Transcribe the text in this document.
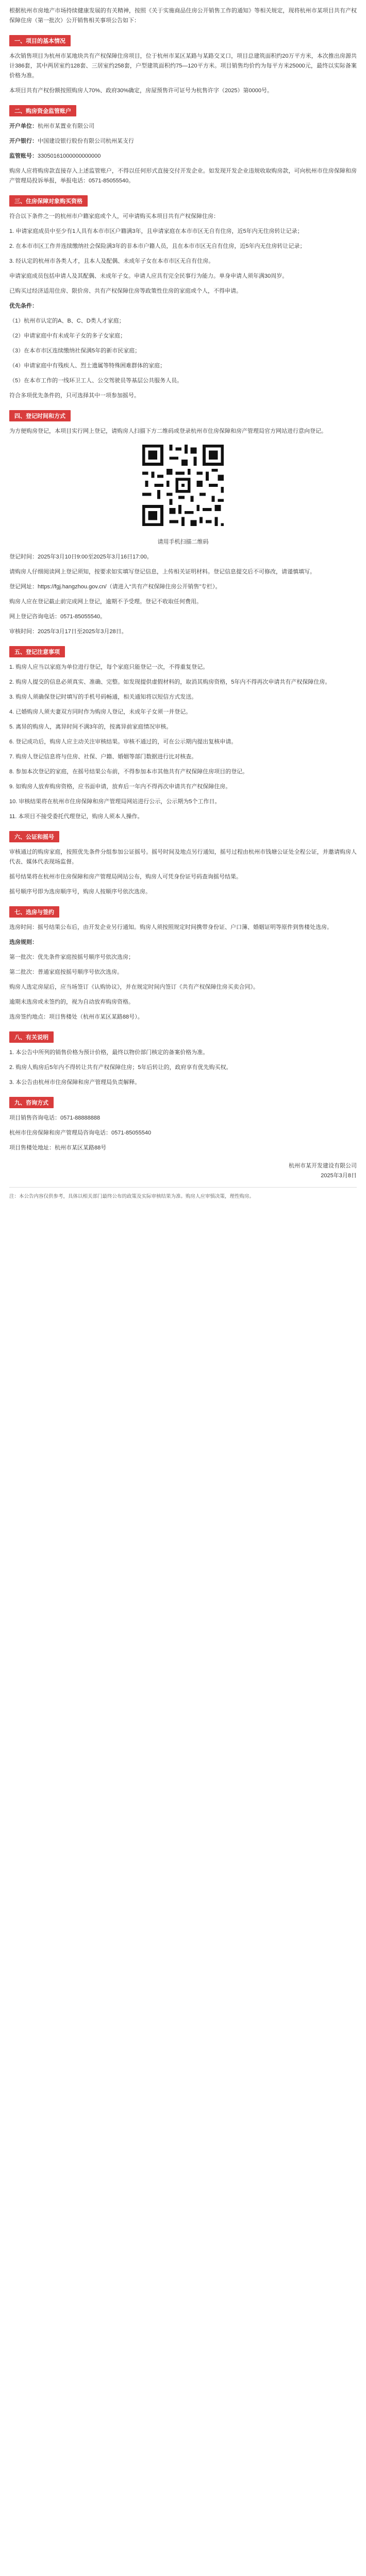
根据杭州市房地产市场持续健康发展的有关精神，按照《关于实施商品住房公开销售工作的通知》等相关规定，现将杭州市某项目共有产权保障住房（第一批次）公开销售相关事项公告如下：

一、项目的基本情况

本次销售项目为杭州市某地块共有产权保障住房项目，位于杭州市某区某路与某路交叉口，项目总建筑面积约20万平方米，本次推出房源共计386套，其中两居室约128套、三居室约258套，户型建筑面积约75—120平方米。项目销售均价约为每平方米25000元，最终以实际备案价格为准。

本项目共有产权份额按照购房人70%、政府30%确定，房屋预售许可证号为杭售许字（2025）第0000号。

二、购房资金监管账户

开户单位：杭州市某置业有限公司

开户银行：中国建设银行股份有限公司杭州某支行

监管账号：33050161000000000000

购房人应将购房款直接存入上述监管账户，不得以任何形式直接交付开发企业。如发现开发企业违规收取购房款，可向杭州市住房保障和房产管理局投诉举报，举报电话：0571-85055540。

三、住房保障对象购买资格

符合以下条件之一的杭州市户籍家庭或个人，可申请购买本项目共有产权保障住房：

1. 申请家庭成员中至少有1人具有本市市区户籍满3年，且申请家庭在本市市区无自有住房，近5年内无住房转让记录；

2. 在本市市区工作并连续缴纳社会保险满3年的非本市户籍人员，且在本市市区无自有住房，近5年内无住房转让记录；

3. 经认定的杭州市各类人才，且本人及配偶、未成年子女在本市市区无自有住房。

申请家庭成员包括申请人及其配偶、未成年子女。申请人应具有完全民事行为能力。单身申请人须年满30周岁。

已购买过经济适用住房、限价房、共有产权保障住房等政策性住房的家庭或个人，不得申请。

优先条件：

（1）杭州市认定的A、B、C、D类人才家庭；

（2）申请家庭中有未成年子女的多子女家庭；

（3）在本市市区连续缴纳社保满5年的新市民家庭；

（4）申请家庭中有残疾人、烈士遗属等特殊困难群体的家庭；

（5）在本市工作的一线环卫工人、公交驾驶员等基层公共服务人员。

符合多项优先条件的，只可选择其中一项参加摇号。

四、登记时间和方式

为方便购房登记，本项目实行网上登记，请购房人扫描下方二维码或登录杭州市住房保障和房产管理局官方网站进行意向登记。

请用手机扫描二维码

登记时间：2025年3月10日9:00至2025年3月16日17:00。

请购房人仔细阅读网上登记须知，按要求如实填写登记信息，上传相关证明材料。登记信息提交后不可修改，请谨慎填写。

登记网址：https://fgj.hangzhou.gov.cn/（请进入“共有产权保障住房公开销售”专栏）。

购房人应在登记截止前完成网上登记，逾期不予受理。登记不收取任何费用。

网上登记咨询电话：0571-85055540。

审核时间：2025年3月17日至2025年3月28日。

五、登记注意事项

1. 购房人应当以家庭为单位进行登记，每个家庭只能登记一次，不得重复登记。

2. 购房人提交的信息必须真实、准确、完整。如发现提供虚假材料的，取消其购房资格，5年内不得再次申请共有产权保障住房。

3. 购房人须确保登记时填写的手机号码畅通，相关通知将以短信方式发送。

4. 已婚购房人须夫妻双方同时作为购房人登记，未成年子女须一并登记。

5. 离异的购房人，离异时间不满3年的，按离异前家庭情况审核。

6. 登记成功后，购房人应主动关注审核结果。审核不通过的，可在公示期内提出复核申请。

7. 购房人登记信息将与住房、社保、户籍、婚姻等部门数据进行比对核查。

8. 参加本次登记的家庭，在摇号结果公布前，不得参加本市其他共有产权保障住房项目的登记。

9. 如购房人放弃购房资格，应书面申请，放弃后一年内不得再次申请共有产权保障住房。

10. 审核结果将在杭州市住房保障和房产管理局网站进行公示，公示期为5个工作日。

11. 本项目不接受委托代理登记，购房人须本人操作。

六、公证和摇号

审核通过的购房家庭，按照优先条件分组参加公证摇号。摇号时间及地点另行通知，摇号过程由杭州市钱塘公证处全程公证，并邀请购房人代表、媒体代表现场监督。

摇号结果将在杭州市住房保障和房产管理局网站公布，购房人可凭身份证号码查询摇号结果。

摇号顺序号即为选房顺序号，购房人按顺序号依次选房。

七、选房与签约

选房时间：摇号结果公布后，由开发企业另行通知。购房人须按照规定时间携带身份证、户口簿、婚姻证明等原件到售楼处选房。

选房规则：

第一批次：优先条件家庭按摇号顺序号依次选房；

第二批次：普通家庭按摇号顺序号依次选房。

购房人选定房屋后，应当场签订《认购协议》，并在规定时间内签订《共有产权保障住房买卖合同》。

逾期未选房或未签约的，视为自动放弃购房资格。

选房签约地点：项目售楼处（杭州市某区某路88号）。

八、有关说明

1. 本公告中所列的销售价格为预计价格，最终以物价部门核定的备案价格为准。

2. 购房人购房后5年内不得转让共有产权保障住房；5年后转让的，政府享有优先购买权。

3. 本公告由杭州市住房保障和房产管理局负责解释。

九、咨询方式

项目销售咨询电话：0571-88888888

杭州市住房保障和房产管理局咨询电话：0571-85055540

项目售楼处地址：杭州市某区某路88号

杭州市某开发建设有限公司

2025年3月8日

注：本公告内容仅供参考，具体以相关部门最终公布的政策及实际审核结果为准。购房人应审慎决策，理性购房。
